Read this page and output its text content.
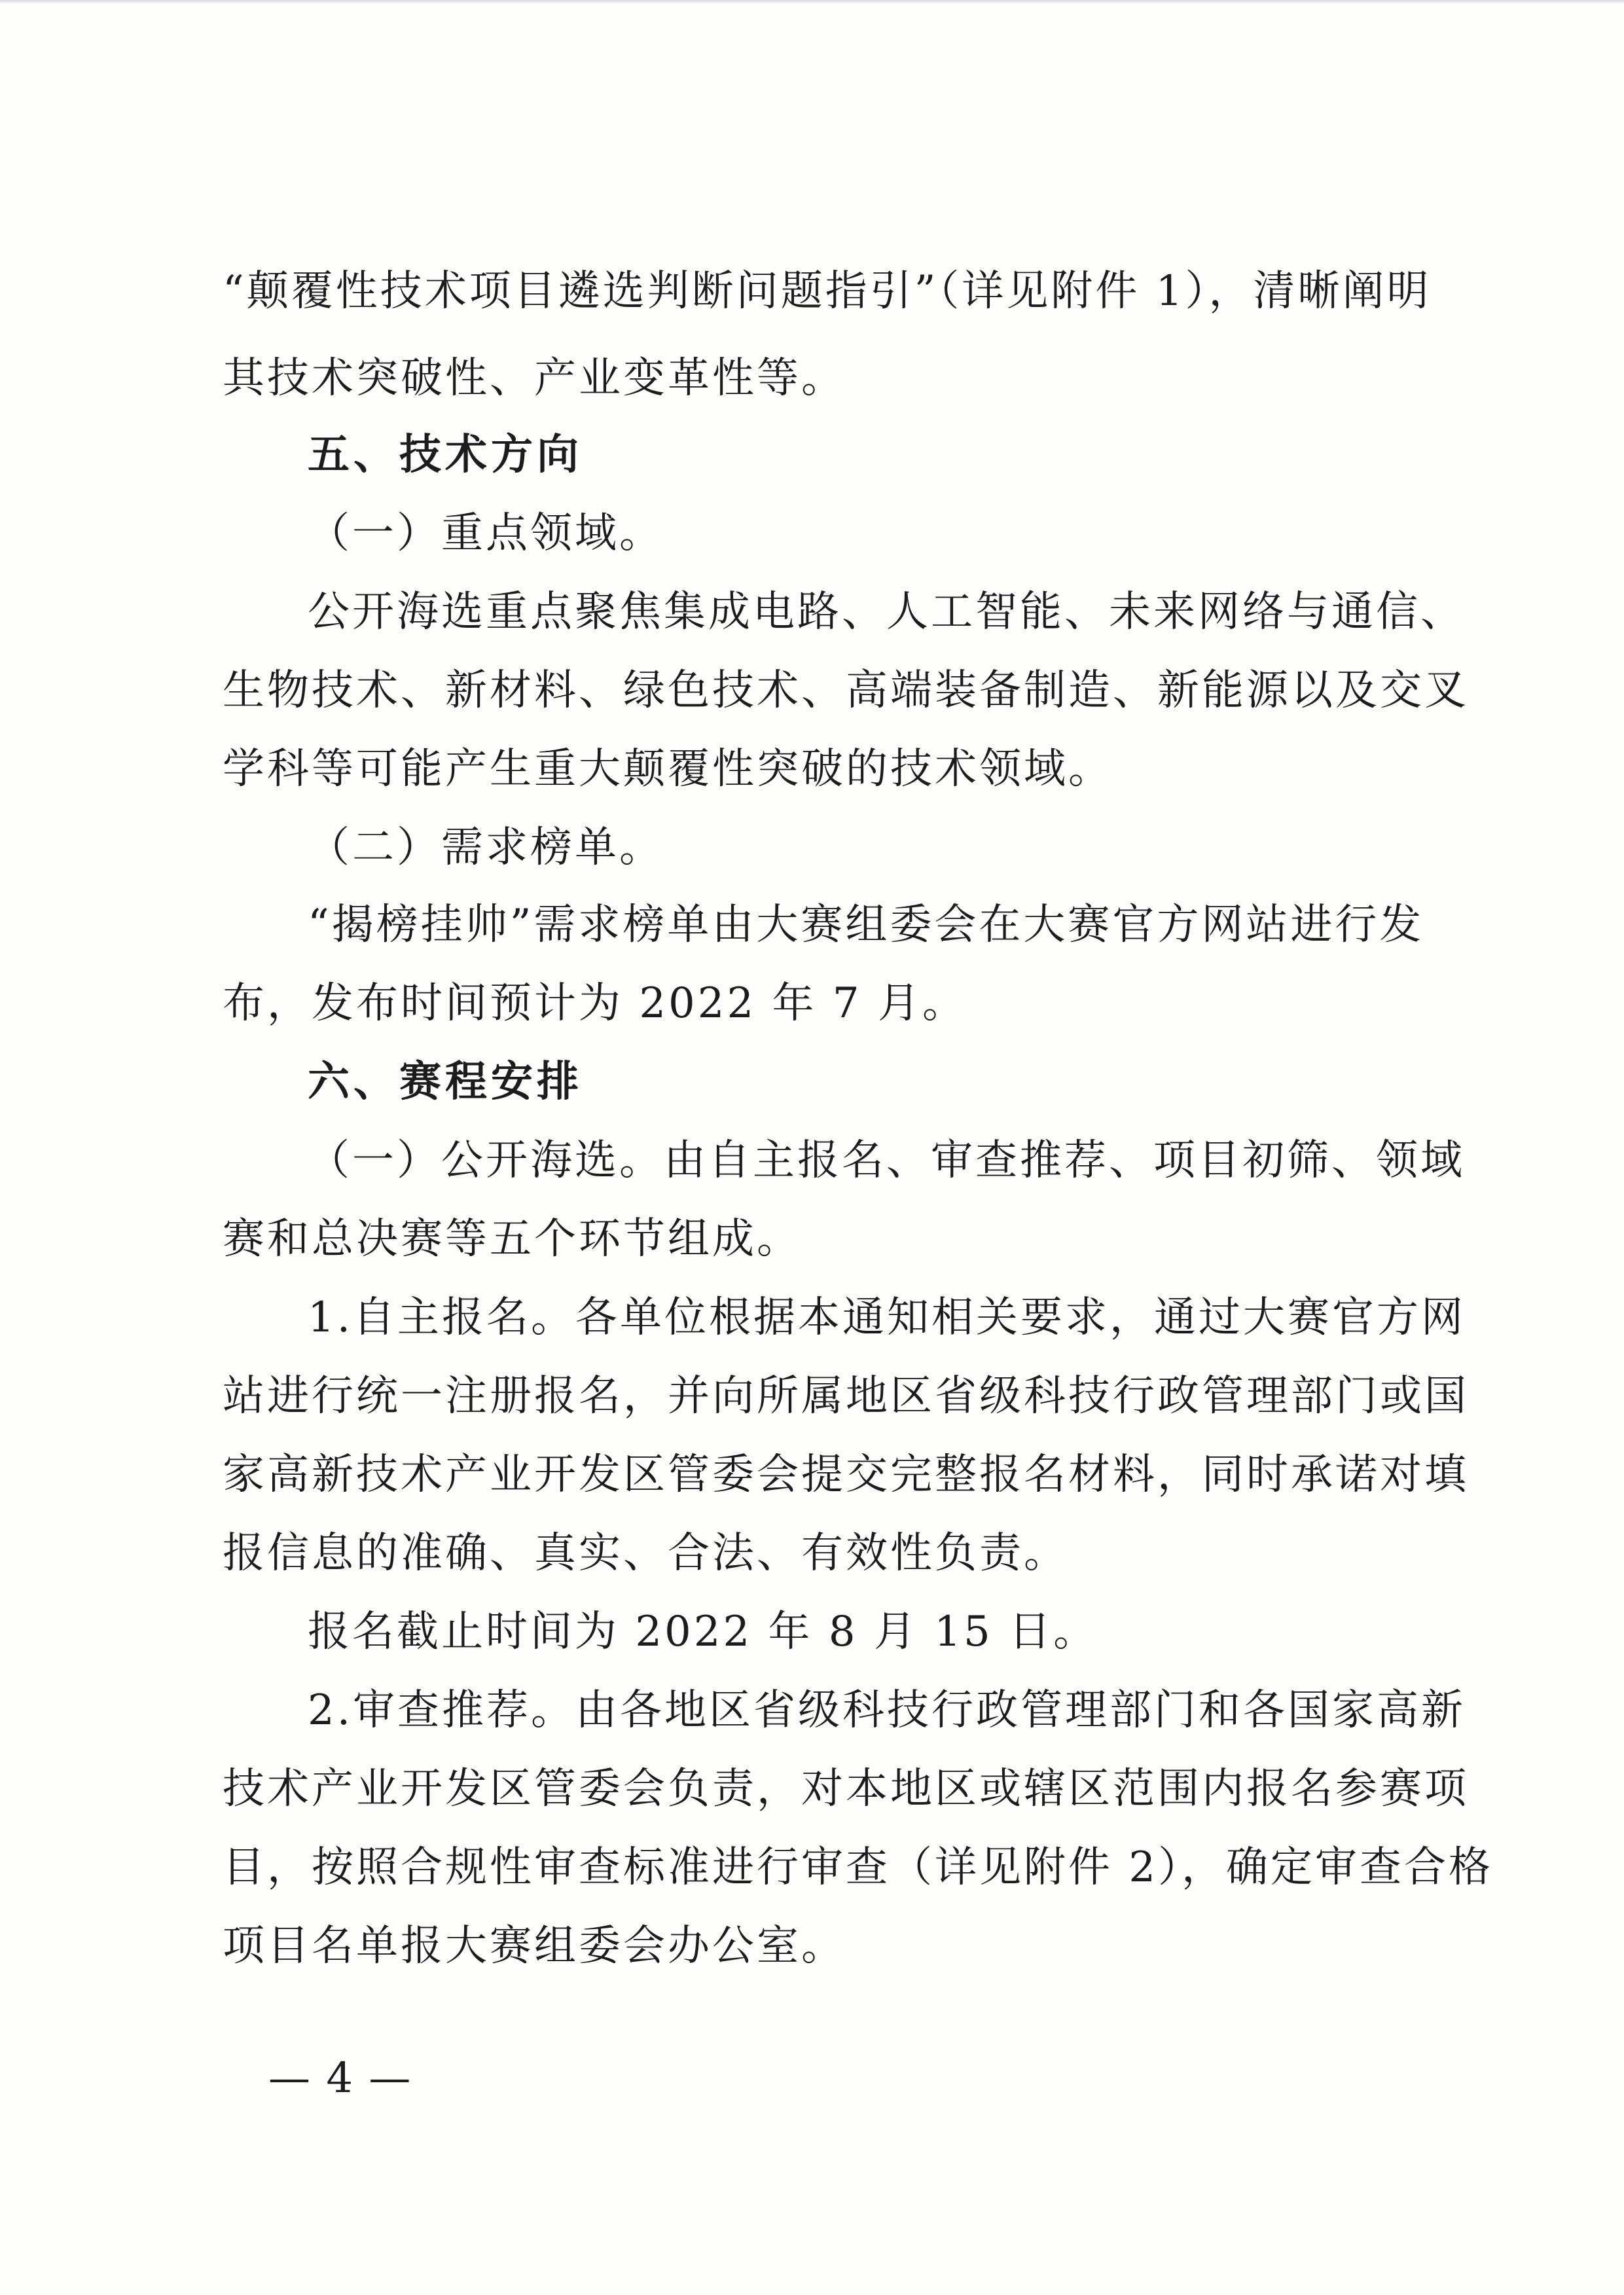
“颠覆性技术项目遴选判断问题指引”（详见附件 1），清晰阐明
其技术突破性、产业变革性等。
五、技术方向
（一）重点领域。
公开海选重点聚焦集成电路、人工智能、未来网络与通信、
生物技术、新材料、绿色技术、高端装备制造、新能源以及交叉
学科等可能产生重大颠覆性突破的技术领域。
（二）需求榜单。
“揭榜挂帅”需求榜单由大赛组委会在大赛官方网站进行发
布，发布时间预计为 2022 年 7 月。
六、赛程安排
（一）公开海选。由自主报名、审查推荐、项目初筛、领域
赛和总决赛等五个环节组成。
1.自主报名。各单位根据本通知相关要求，通过大赛官方网
站进行统一注册报名，并向所属地区省级科技行政管理部门或国
家高新技术产业开发区管委会提交完整报名材料，同时承诺对填
报信息的准确、真实、合法、有效性负责。
报名截止时间为 2022 年 8 月 15 日。
2.审查推荐。由各地区省级科技行政管理部门和各国家高新
技术产业开发区管委会负责，对本地区或辖区范围内报名参赛项
目，按照合规性审查标准进行审查（详见附件 2），确定审查合格
项目名单报大赛组委会办公室。
— 4 —
